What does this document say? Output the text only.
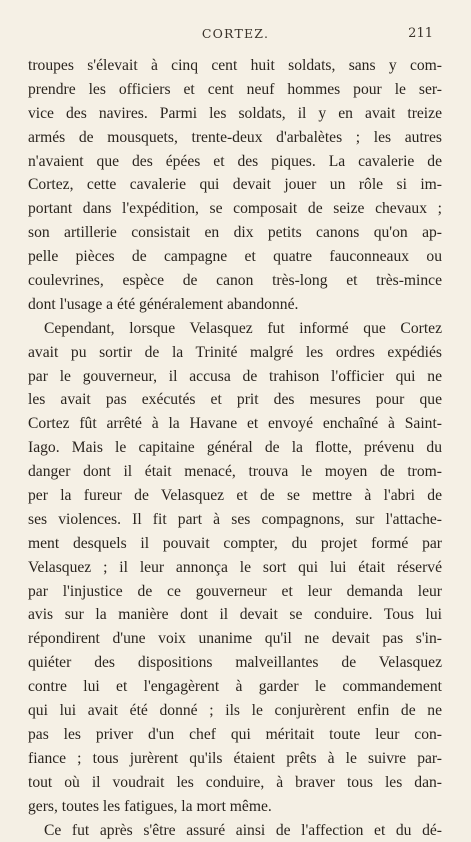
CORTEZ.	211
troupes s'élevait à cinq cent huit soldats, sans y com-
prendre les officiers et cent neuf hommes pour le ser-
vice des navires. Parmi les soldats, il y en avait treize
armés de mousquets, trente-deux d'arbalètes ; les autres
n'avaient que des épées et des piques. La cavalerie de
Cortez, cette cavalerie qui devait jouer un rôle si im-
portant dans l'expédition, se composait de seize chevaux ;
son artillerie consistait en dix petits canons qu'on ap-
pelle pièces de campagne et quatre fauconneaux ou
coulevrines, espèce de canon très-long et très-mince
dont l'usage a été généralement abandonné.
Cependant, lorsque Velasquez fut informé que Cortez
avait pu sortir de la Trinité malgré les ordres expédiés
par le gouverneur, il accusa de trahison l'officier qui ne
les avait pas exécutés et prit des mesures pour que
Cortez fût arrêté à la Havane et envoyé enchaîné à Saint-
Iago. Mais le capitaine général de la flotte, prévenu du
danger dont il était menacé, trouva le moyen de trom-
per la fureur de Velasquez et de se mettre à l'abri de
ses violences. Il fit part à ses compagnons, sur l'attache-
ment desquels il pouvait compter, du projet formé par
Velasquez ; il leur annonça le sort qui lui était réservé
par l'injustice de ce gouverneur et leur demanda leur
avis sur la manière dont il devait se conduire. Tous lui
répondirent d'une voix unanime qu'il ne devait pas s'in-
quiéter des dispositions malveillantes de Velasquez
contre lui et l'engagèrent à garder le commandement
qui lui avait été donné ; ils le conjurèrent enfin de ne
pas les priver d'un chef qui méritait toute leur con-
fiance ; tous jurèrent qu'ils étaient prêts à le suivre par-
tout où il voudrait les conduire, à braver tous les dan-
gers, toutes les fatigues, la mort même.
Ce fut après s'être assuré ainsi de l'affection et du dé-
